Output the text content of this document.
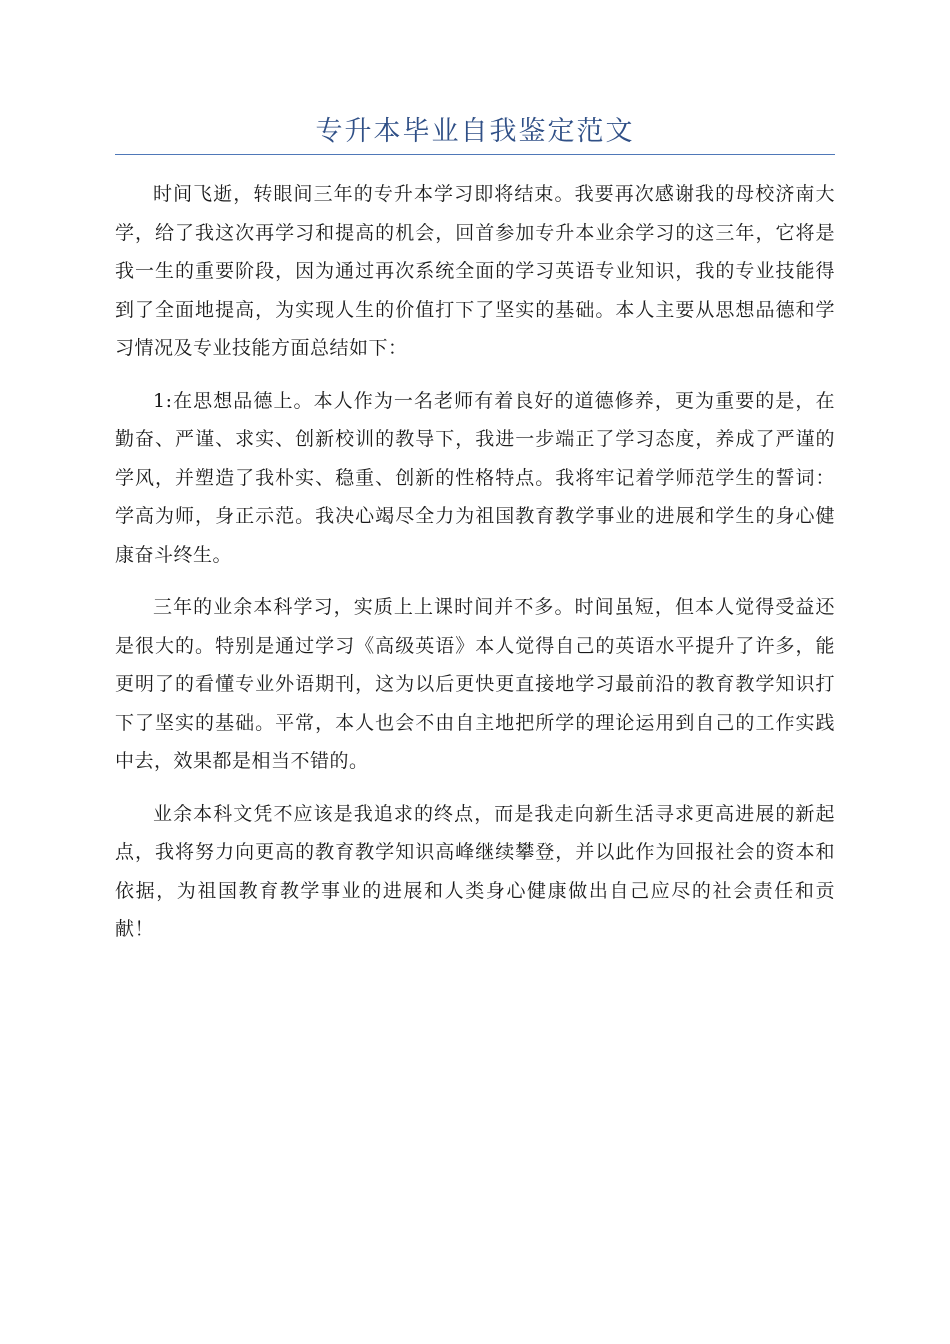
专升本毕业自我鉴定范文

时间飞逝，转眼间三年的专升本学习即将结束。我要再次感谢我的母校济南大学，给了我这次再学习和提高的机会，回首参加专升本业余学习的这三年，它将是我一生的重要阶段，因为通过再次系统全面的学习英语专业知识，我的专业技能得到了全面地提高，为实现人生的价值打下了坚实的基础。本人主要从思想品德和学习情况及专业技能方面总结如下：

1:在思想品德上。本人作为一名老师有着良好的道德修养，更为重要的是，在勤奋、严谨、求实、创新校训的教导下，我进一步端正了学习态度，养成了严谨的学风，并塑造了我朴实、稳重、创新的性格特点。我将牢记着学师范学生的誓词：学高为师，身正示范。我决心竭尽全力为祖国教育教学事业的进展和学生的身心健康奋斗终生。

三年的业余本科学习，实质上上课时间并不多。时间虽短，但本人觉得受益还是很大的。特别是通过学习《高级英语》本人觉得自己的英语水平提升了许多，能更明了的看懂专业外语期刊，这为以后更快更直接地学习最前沿的教育教学知识打下了坚实的基础。平常，本人也会不由自主地把所学的理论运用到自己的工作实践中去，效果都是相当不错的。

业余本科文凭不应该是我追求的终点，而是我走向新生活寻求更高进展的新起点，我将努力向更高的教育教学知识高峰继续攀登，并以此作为回报社会的资本和依据，为祖国教育教学事业的进展和人类身心健康做出自己应尽的社会责任和贡献！
